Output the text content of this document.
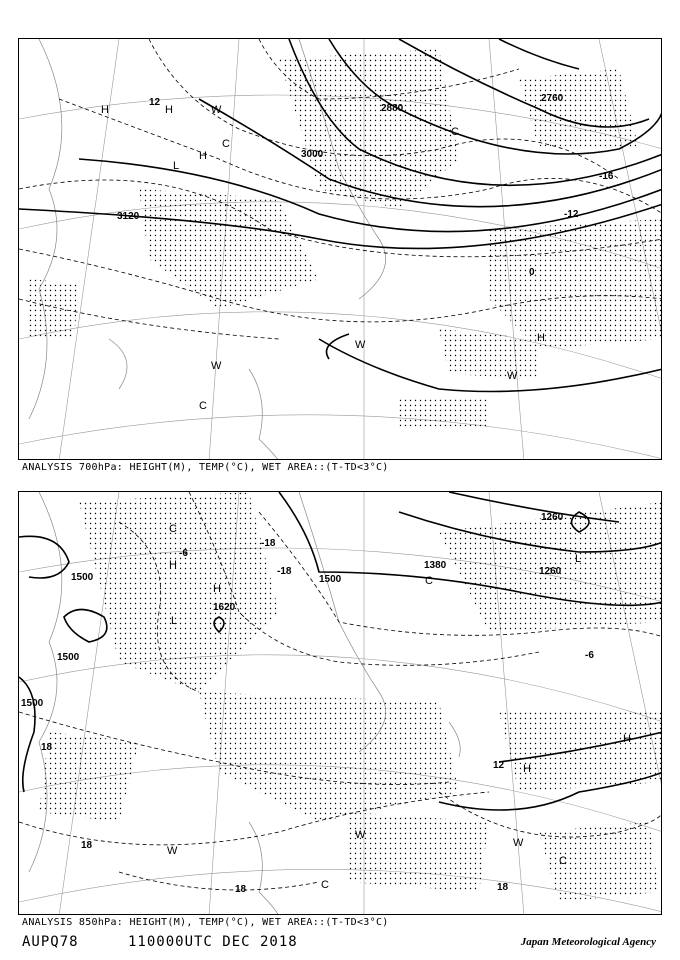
3000
3120
2760
2880
12
-12
-16
0
H	H
H
L
C
C
W
W
W
H
W
C
ANALYSIS 700hPa: HEIGHT(M), TEMP(°C), WET AREA::(T-TD<3°C)
1500
1500
1500
1500
1620
1380
1260
1260
-18
-18
-6
18
18
18	18
12
-6
H
H
L
C
C
L
H
H
W
W
W
C
C
ANALYSIS 850hPa: HEIGHT(M), TEMP(°C), WET AREA::(T-TD<3°C)
AUPQ78	110000UTC DEC 2018	Japan Meteorological Agency
